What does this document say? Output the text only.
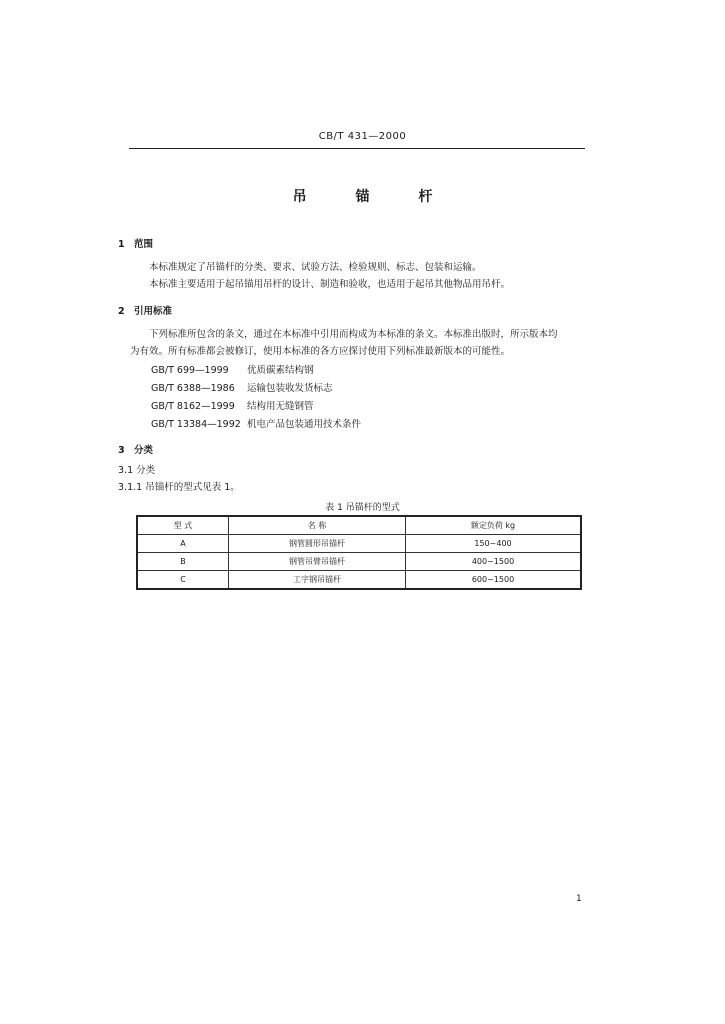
CB/T 431—2000
吊 锚 杆
1 范围
本标准规定了吊锚杆的分类、要求、试验方法、检验规则、标志、包装和运输。
本标准主要适用于起吊锚用吊杆的设计、制造和验收，也适用于起吊其他物品用吊杆。
2 引用标准
下列标准所包含的条文，通过在本标准中引用而构成为本标准的条文。本标准出版时，所示版本均
为有效。所有标准都会被修订，使用本标准的各方应探讨使用下列标准最新版本的可能性。
GB/T 699—1999 优质碳素结构钢
GB/T 6388—1986 运输包装收发货标志
GB/T 8162—1999 结构用无缝钢管
GB/T 13384—1992 机电产品包装通用技术条件
3 分类
3.1 分类
3.1.1 吊锚杆的型式见表 1。
表 1 吊锚杆的型式
型 式	名 称	额定负荷 kg
A	钢管圆形吊锚杆	150~400
B	钢管吊臂吊锚杆	400~1500
C	工字钢吊锚杆	600~1500
1
